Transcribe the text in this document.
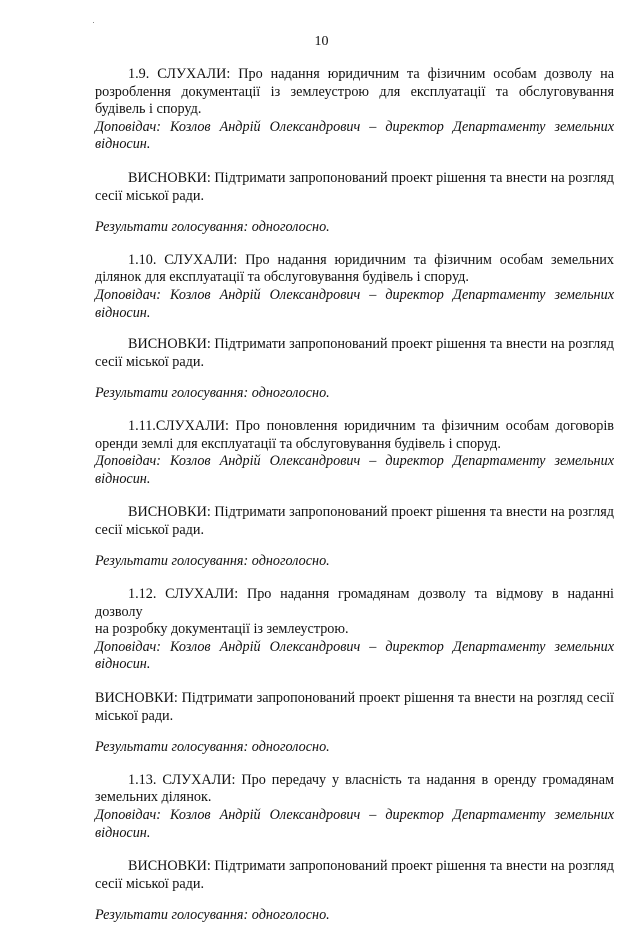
10

1.9. СЛУХАЛИ: Про надання юридичним та фізичним особам дозволу на розроблення документації із землеустрою для експлуатації та обслуговування будівель і споруд.

Доповідач: Козлов Андрій Олександрович – директор Департаменту земельних відносин.

ВИСНОВКИ: Підтримати запропонований проект рішення та внести на розгляд сесії міської ради.

Результати голосування: одноголосно.

1.10. СЛУХАЛИ: Про надання юридичним та фізичним особам земельних ділянок для експлуатації та обслуговування будівель і споруд.

Доповідач: Козлов Андрій Олександрович – директор Департаменту земельних відносин.

ВИСНОВКИ: Підтримати запропонований проект рішення та внести на розгляд сесії міської ради.

Результати голосування: одноголосно.

1.11.СЛУХАЛИ: Про поновлення юридичним та фізичним особам договорів оренди землі для експлуатації та обслуговування будівель і споруд.

Доповідач: Козлов Андрій Олександрович – директор Департаменту земельних відносин.

ВИСНОВКИ: Підтримати запропонований проект рішення та внести на розгляд сесії міської ради.

Результати голосування: одноголосно.

1.12. СЛУХАЛИ: Про надання громадянам дозволу та відмову в наданні дозволу

на розробку документації із землеустрою.

Доповідач: Козлов Андрій Олександрович – директор Департаменту земельних відносин.

ВИСНОВКИ: Підтримати запропонований проект рішення та внести на розгляд сесії міської ради.

Результати голосування: одноголосно.

1.13. СЛУХАЛИ: Про передачу у власність та надання в оренду громадянам земельних ділянок.

Доповідач: Козлов Андрій Олександрович – директор Департаменту земельних відносин.

ВИСНОВКИ: Підтримати запропонований проект рішення та внести на розгляд сесії міської ради.

Результати голосування: одноголосно.
